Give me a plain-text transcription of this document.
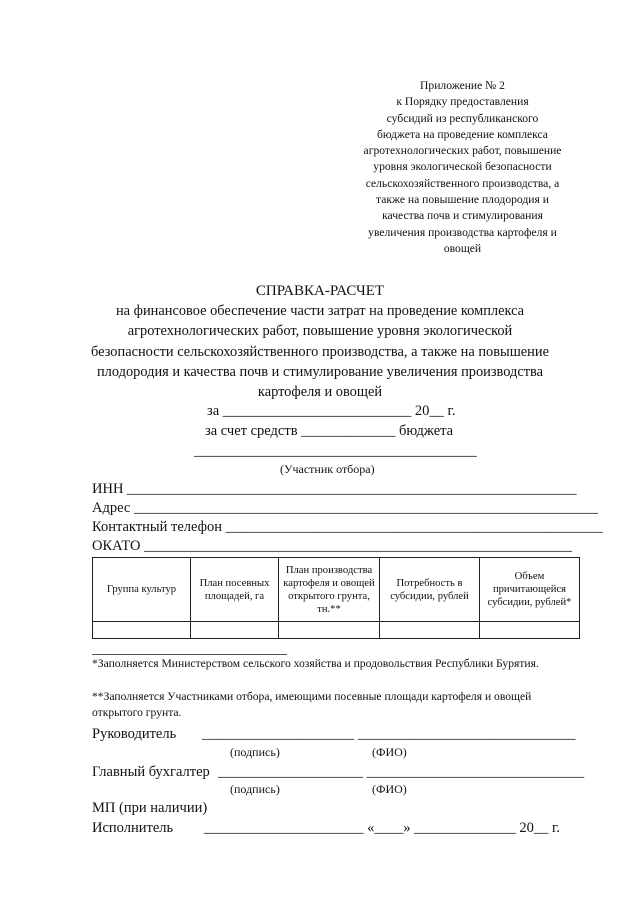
Приложение № 2
к Порядку предоставления
субсидий из республиканского
бюджета на проведение комплекса
агротехнологических работ, повышение
уровня экологической безопасности
сельскохозяйственного производства, а
также на повышение плодородия и
качества почв и стимулирования
увеличения производства картофеля и
овощей
СПРАВКА-РАСЧЕТ
на финансовое обеспечение части затрат на проведение комплекса
агротехнологических работ, повышение уровня экологической
безопасности сельскохозяйственного производства, а также на повышение
плодородия и качества почв и стимулирование увеличения производства
картофеля и овощей
за __________________________ 20__ г.
за счет средств _____________ бюджета
_______________________________________
(Участник отбора)
ИНН ______________________________________________________________
Адрес ________________________________________________________________
Контактный телефон ____________________________________________________
ОКАТО ___________________________________________________________
Группа культур	План посевных площадей, га	План производства картофеля и овощей открытого грунта, тн.**	Потребность в субсидии, рублей	Объем причитающейся субсидии, рублей*

*Заполняется Министерством сельского хозяйства и продовольствия Республики Бурятия.
**Заполняется Участниками отбора, имеющими посевные площади картофеля и овощей открытого грунта.
Руководитель _____________________ ______________________________
(подпись)	(ФИО)
Главный бухгалтер ____________________ ______________________________
(подпись)	(ФИО)
МП (при наличии)
Исполнитель ______________________ «____» ______________ 20__ г.
